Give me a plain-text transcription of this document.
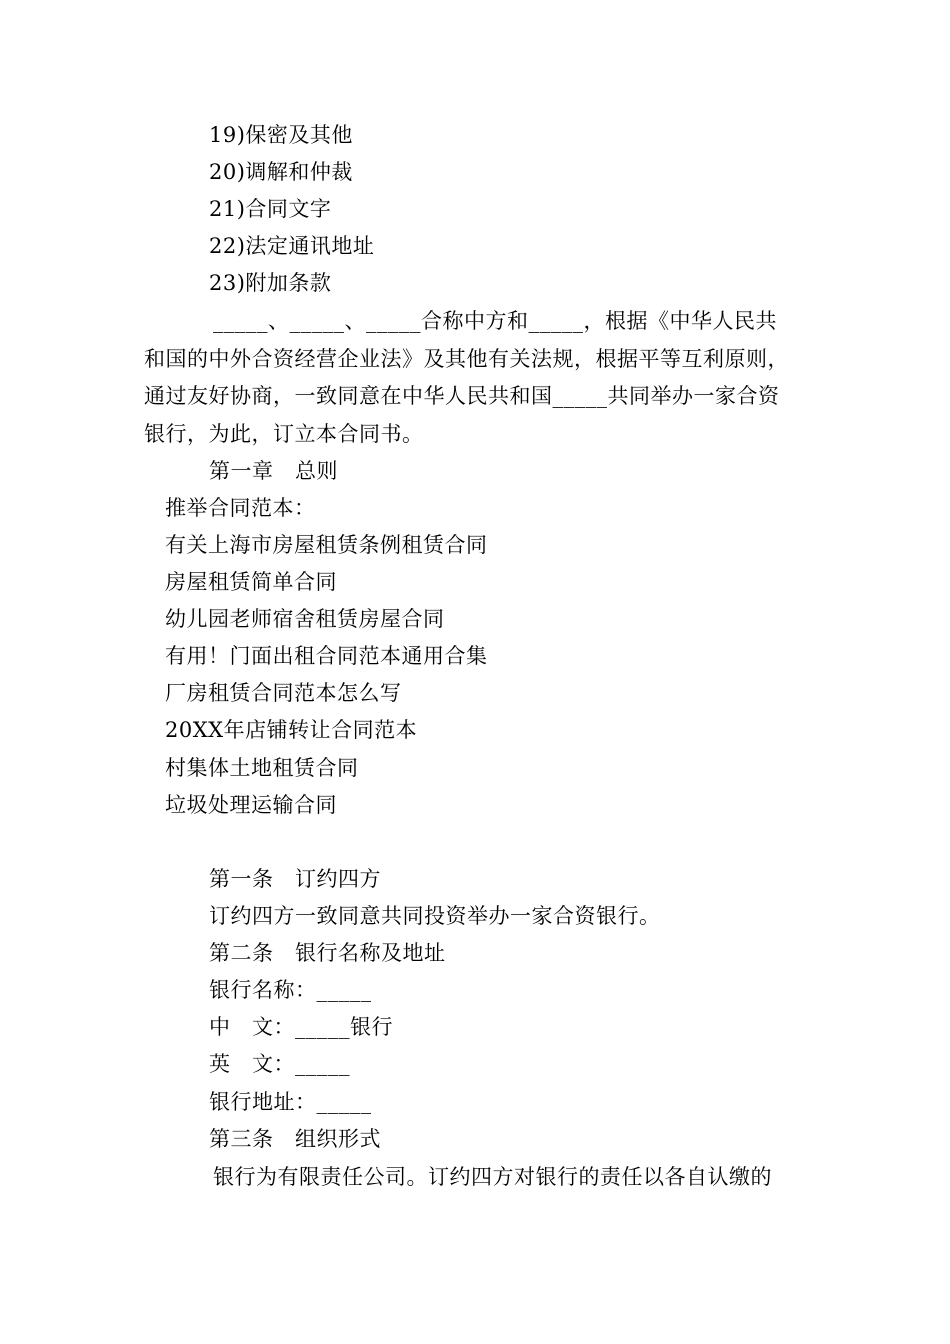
19)保密及其他
20)调解和仲裁
21)合同文字
22)法定通讯地址
23)附加条款
_____、_____、_____合称中方和_____，根据《中华人民共
和国的中外合资经营企业法》及其他有关法规，根据平等互利原则，
通过友好协商，一致同意在中华人民共和国_____共同举办一家合资
银行，为此，订立本合同书。
第一章　总则
推举合同范本：
有关上海市房屋租赁条例租赁合同
房屋租赁简单合同
幼儿园老师宿舍租赁房屋合同
有用！门面出租合同范本通用合集
厂房租赁合同范本怎么写
20XX年店铺转让合同范本
村集体土地租赁合同
垃圾处理运输合同
第一条　订约四方
订约四方一致同意共同投资举办一家合资银行。
第二条　银行名称及地址
银行名称：_____
中　文：_____银行
英　文：_____
银行地址：_____
第三条　组织形式
银行为有限责任公司。订约四方对银行的责任以各自认缴的
